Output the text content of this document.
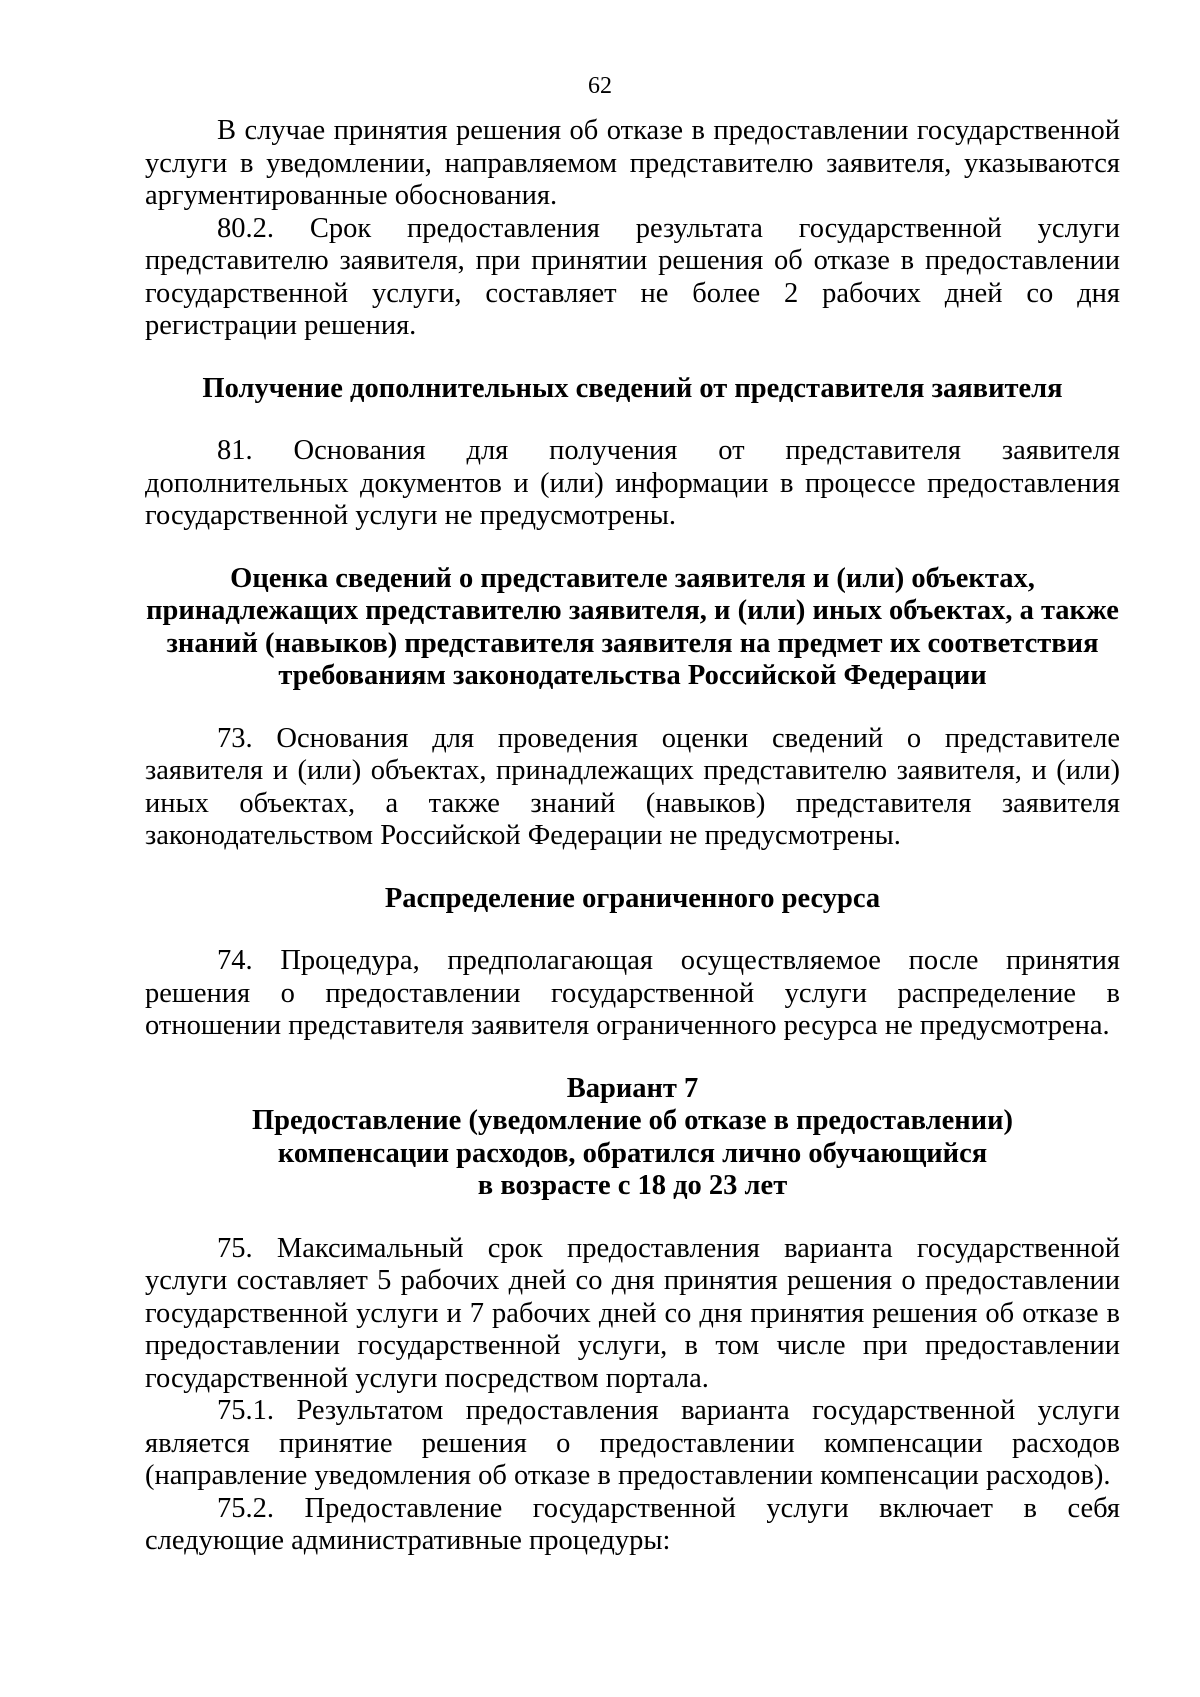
62

В случае принятия решения об отказе в предоставлении государственной услуги в уведомлении, направляемом представителю заявителя, указываются аргументированные обоснования.

80.2. Срок предоставления результата государственной услуги представителю заявителя, при принятии решения об отказе в предоставлении государственной услуги, составляет не более 2 рабочих дней со дня регистрации решения.

Получение дополнительных сведений от представителя заявителя

81. Основания для получения от представителя заявителя дополнительных документов и (или) информации в процессе предоставления государственной услуги не предусмотрены.

Оценка сведений о представителе заявителя и (или) объектах,

принадлежащих представителю заявителя, и (или) иных объектах, а также

знаний (навыков) представителя заявителя на предмет их соответствия

требованиям законодательства Российской Федерации

73. Основания для проведения оценки сведений о представителе заявителя и (или) объектах, принадлежащих представителю заявителя, и (или) иных объектах, а также знаний (навыков) представителя заявителя законодательством Российской Федерации не предусмотрены.

Распределение ограниченного ресурса

74. Процедура, предполагающая осуществляемое после принятия решения о предоставлении государственной услуги распределение в отношении представителя заявителя ограниченного ресурса не предусмотрена.

Вариант 7

Предоставление (уведомление об отказе в предоставлении)

компенсации расходов, обратился лично обучающийся

в возрасте с 18 до 23 лет

75. Максимальный срок предоставления варианта государственной услуги составляет 5 рабочих дней со дня принятия решения о предоставлении государственной услуги и 7 рабочих дней со дня принятия решения об отказе в предоставлении государственной услуги, в том числе при предоставлении государственной услуги посредством портала.

75.1. Результатом предоставления варианта государственной услуги является принятие решения о предоставлении компенсации расходов (направление уведомления об отказе в предоставлении компенсации расходов).

75.2. Предоставление государственной услуги включает в себя следующие административные процедуры:
